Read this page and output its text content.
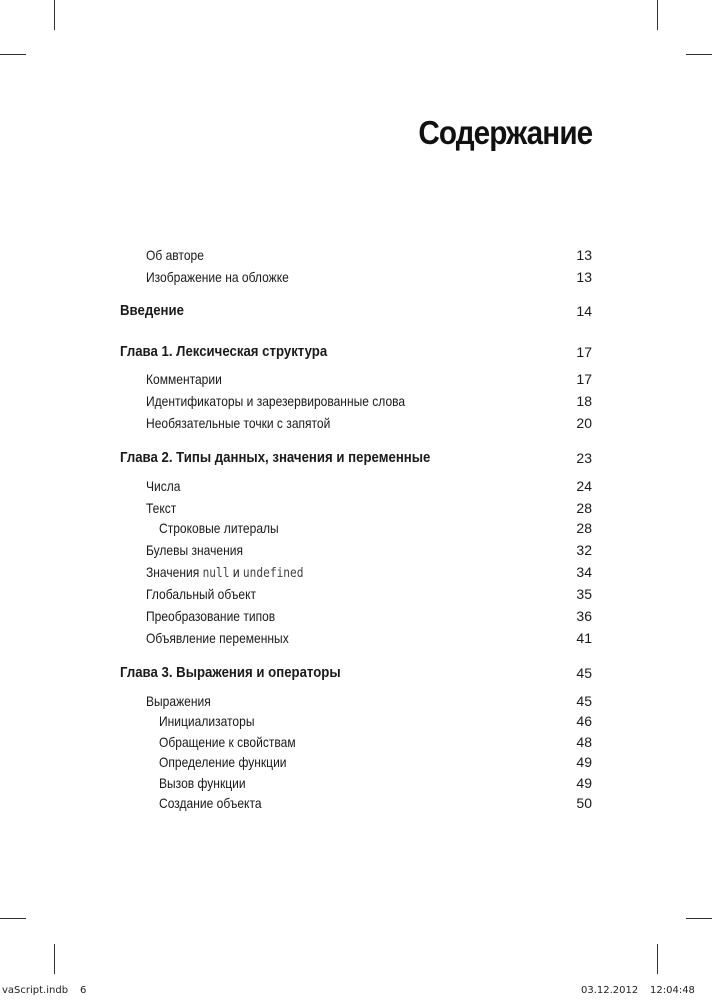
Содержание
Об авторе	13
Изображение на обложке	13
Введение	14
Глава 1. Лексическая структура	17
Комментарии	17
Идентификаторы и зарезервированные слова	18
Необязательные точки с запятой	20
Глава 2. Типы данных, значения и переменные	23
Числа	24
Текст	28
Строковые литералы	28
Булевы значения	32
Значения null и undefined	34
Глобальный объект	35
Преобразование типов	36
Объявление переменных	41
Глава 3. Выражения и операторы	45
Выражения	45
Инициализаторы	46
Обращение к свойствам	48
Определение функции	49
Вызов функции	49
Создание объекта	50
vaScript.indb 6	03.12.2012 12:04:48
